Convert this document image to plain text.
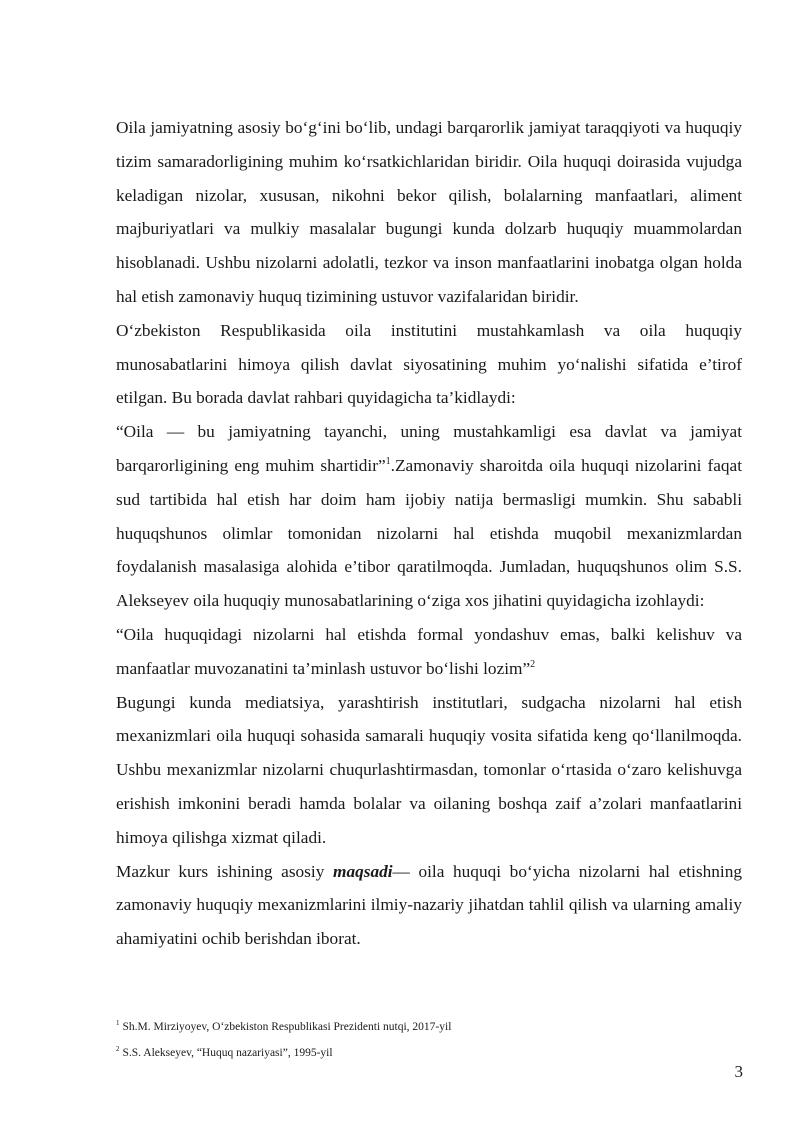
Oila jamiyatning asosiy bo‘g‘ini bo‘lib, undagi barqarorlik jamiyat taraqqiyoti va huquqiy tizim samaradorligining muhim ko‘rsatkichlaridan biridir. Oila huquqi doirasida vujudga keladigan nizolar, xususan, nikohni bekor qilish, bolalarning manfaatlari, aliment majburiyatlari va mulkiy masalalar bugungi kunda dolzarb huquqiy muammolardan hisoblanadi. Ushbu nizolarni adolatli, tezkor va inson manfaatlarini inobatga olgan holda hal etish zamonaviy huquq tizimining ustuvor vazifalaridan biridir.

O‘zbekiston Respublikasida oila institutini mustahkamlash va oila huquqiy munosabatlarini himoya qilish davlat siyosatining muhim yo‘nalishi sifatida e’tirof etilgan. Bu borada davlat rahbari quyidagicha ta’kidlaydi:

“Oila — bu jamiyatning tayanchi, uning mustahkamligi esa davlat va jamiyat barqarorligining eng muhim shartidir”$^1$.Zamonaviy sharoitda oila huquqi nizolarini faqat sud tartibida hal etish har doim ham ijobiy natija bermasligi mumkin. Shu sababli huquqshunos olimlar tomonidan nizolarni hal etishda muqobil mexanizmlardan foydalanish masalasiga alohida e’tibor qaratilmoqda. Jumladan, huquqshunos olim S.S. Alekseyev oila huquqiy munosabatlarining o‘ziga xos jihatini quyidagicha izohlaydi:

“Oila huquqidagi nizolarni hal etishda formal yondashuv emas, balki kelishuv va manfaatlar muvozanatini ta’minlash ustuvor bo‘lishi lozim”$^2$

Bugungi kunda mediatsiya, yarashtirish institutlari, sudgacha nizolarni hal etish mexanizmlari oila huquqi sohasida samarali huquqiy vosita sifatida keng qo‘llanilmoqda. Ushbu mexanizmlar nizolarni chuqurlashtirmasdan, tomonlar o‘rtasida o‘zaro kelishuvga erishish imkonini beradi hamda bolalar va oilaning boshqa zaif a’zolari manfaatlarini himoya qilishga xizmat qiladi.

Mazkur kurs ishining asosiy maqsadi— oila huquqi bo‘yicha nizolarni hal etishning zamonaviy huquqiy mexanizmlarini ilmiy-nazariy jihatdan tahlil qilish va ularning amaliy ahamiyatini ochib berishdan iborat.

$^1$ Sh.M. Mirziyoyev, O‘zbekiston Respublikasi Prezidenti nutqi, 2017-yil

$^2$ S.S. Alekseyev, “Huquq nazariyasi”, 1995-yil

3
